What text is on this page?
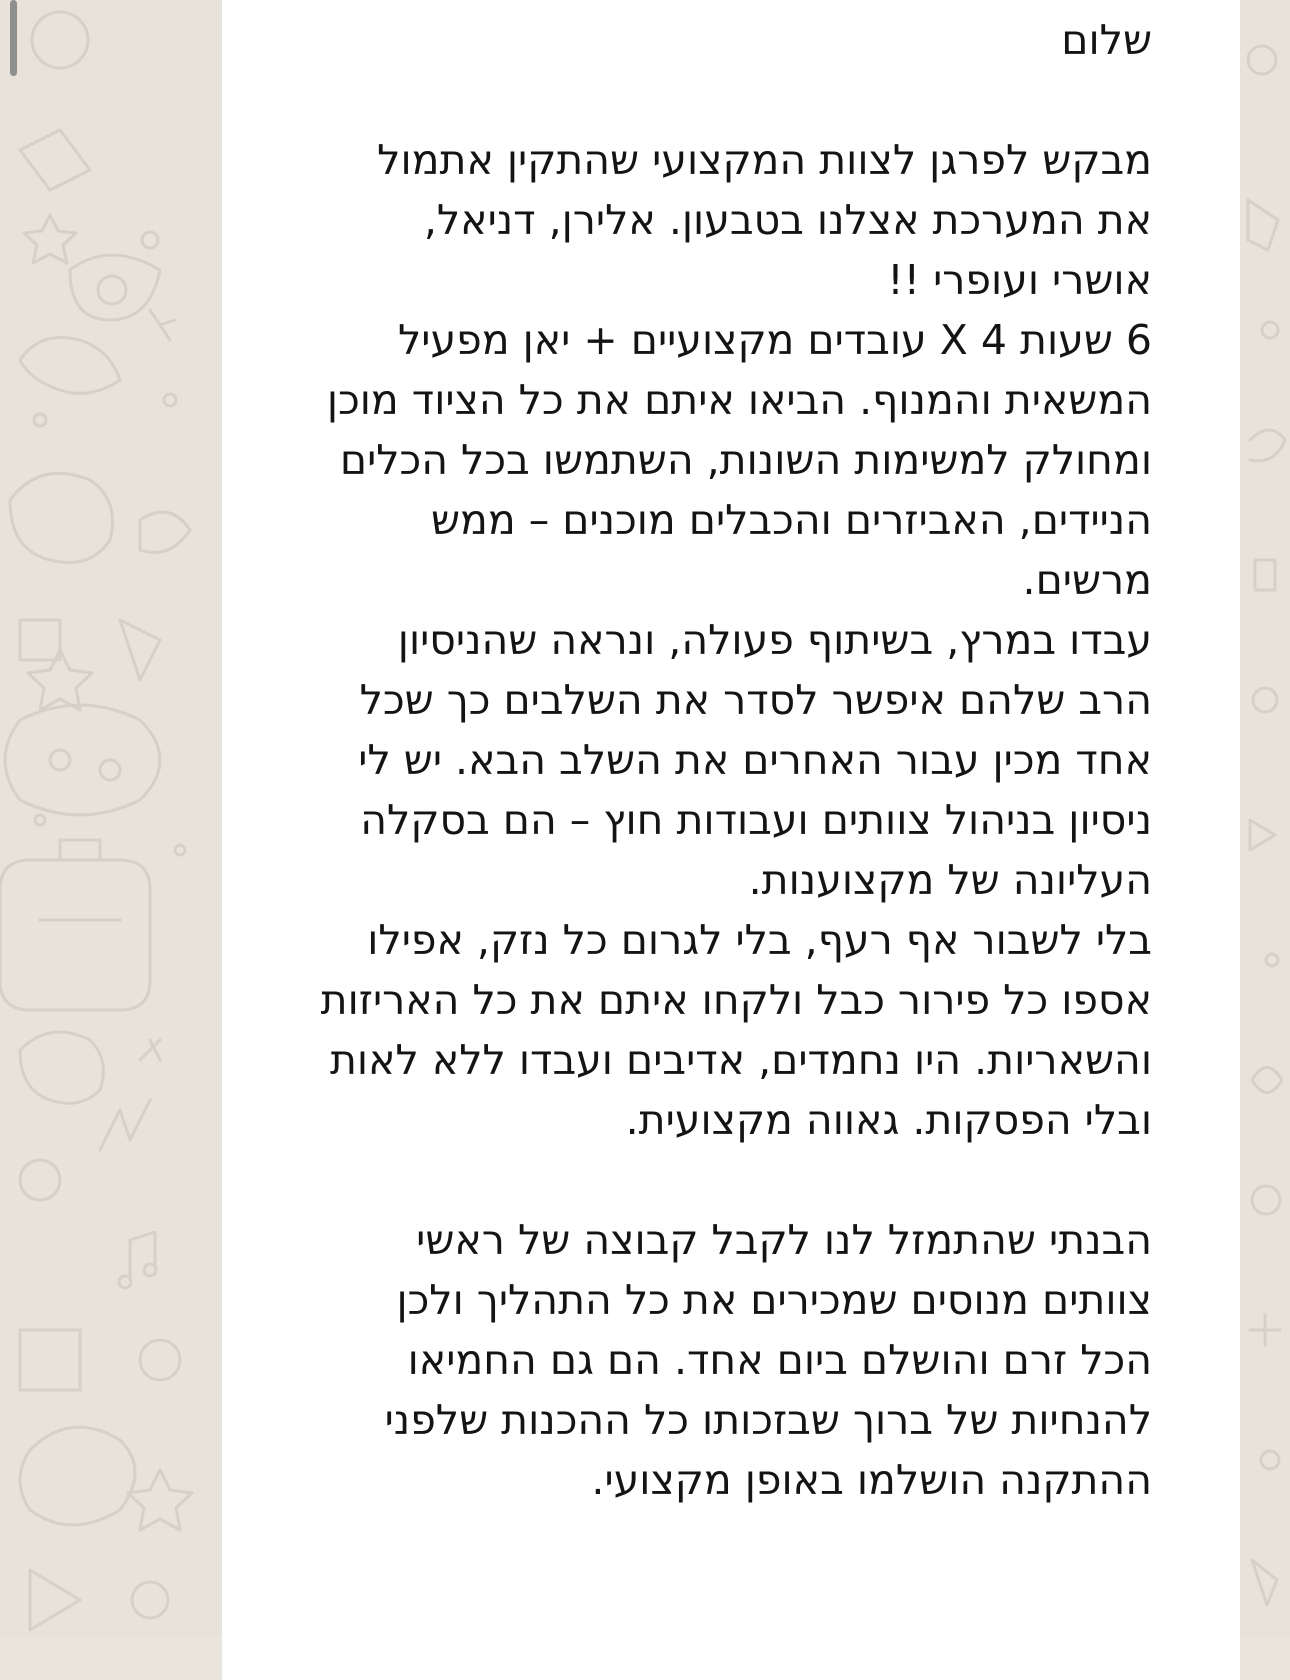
שלום

מבקש לפרגן לצוות המקצועי שהתקין אתמול

את המערכת אצלנו בטבעון. אלירן, דניאל,

אושרי ועופרי !!

6 שעות 4 X עובדים מקצועיים + יאן מפעיל

המשאית והמנוף. הביאו איתם את כל הציוד מוכן

ומחולק למשימות השונות, השתמשו בכל הכלים

הניידים, האביזרים והכבלים מוכנים – ממש

מרשים.

עבדו במרץ, בשיתוף פעולה, ונראה שהניסיון

הרב שלהם איפשר לסדר את השלבים כך שכל

אחד מכין עבור האחרים את השלב הבא. יש לי

ניסיון בניהול צוותים ועבודות חוץ – הם בסקלה

העליונה של מקצוענות.

בלי לשבור אף רעף, בלי לגרום כל נזק, אפילו

אספו כל פירור כבל ולקחו איתם את כל האריזות

והשאריות. היו נחמדים, אדיבים ועבדו ללא לאות

ובלי הפסקות. גאווה מקצועית.

הבנתי שהתמזל לנו לקבל קבוצה של ראשי

צוותים מנוסים שמכירים את כל התהליך ולכן

הכל זרם והושלם ביום אחד. הם גם החמיאו

להנחיות של ברוך שבזכותו כל ההכנות שלפני

ההתקנה הושלמו באופן מקצועי.
